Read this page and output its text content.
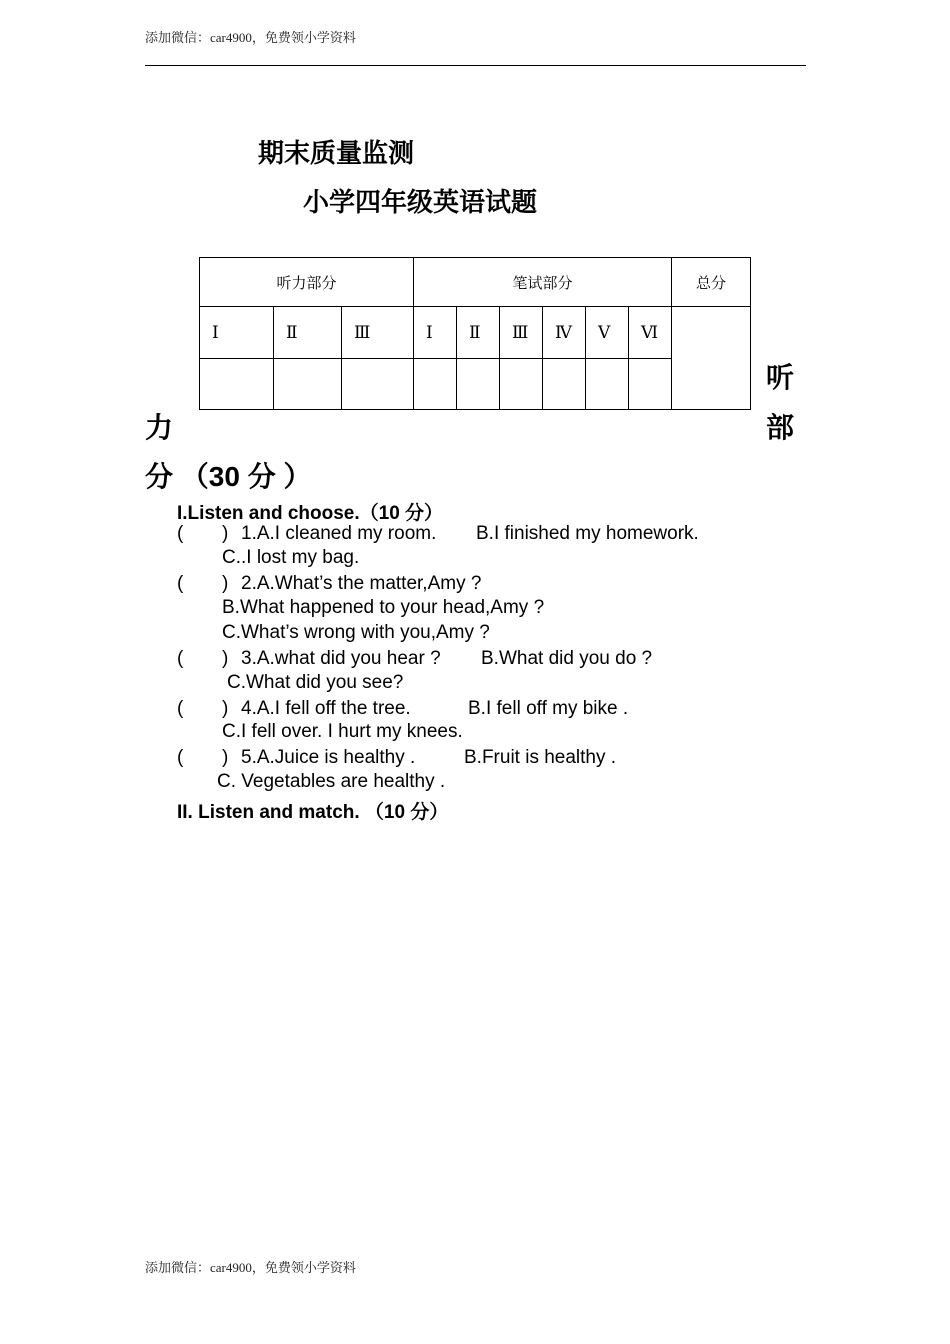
添加微信：car4900，免费领小学资料
期末质量监测
小学四年级英语试题
听力部分			笔试部分						总分
Ⅰ	Ⅱ	Ⅲ	Ⅰ	Ⅱ	Ⅲ	Ⅳ	Ⅴ	Ⅵ	

听
力	部
分 （30 分 ）
I.Listen and choose.（10 分）
( ) 1.A.I cleaned my room. B.I finished my homework.
C..I lost my bag.
( ) 2.A.What’s the matter,Amy ?
B.What happened to your head,Amy ?
C.What’s wrong with you,Amy ?
( ) 3.A.what did you hear ? B.What did you do ?
C.What did you see?
( ) 4.A.I fell off the tree.	B.I fell off my bike .
C.I fell over. I hurt my knees.
( ) 5.A.Juice is healthy .	B.Fruit is healthy .
C. Vegetables are healthy .
II. Listen and match. （10 分）
添加微信：car4900，免费领小学资料
